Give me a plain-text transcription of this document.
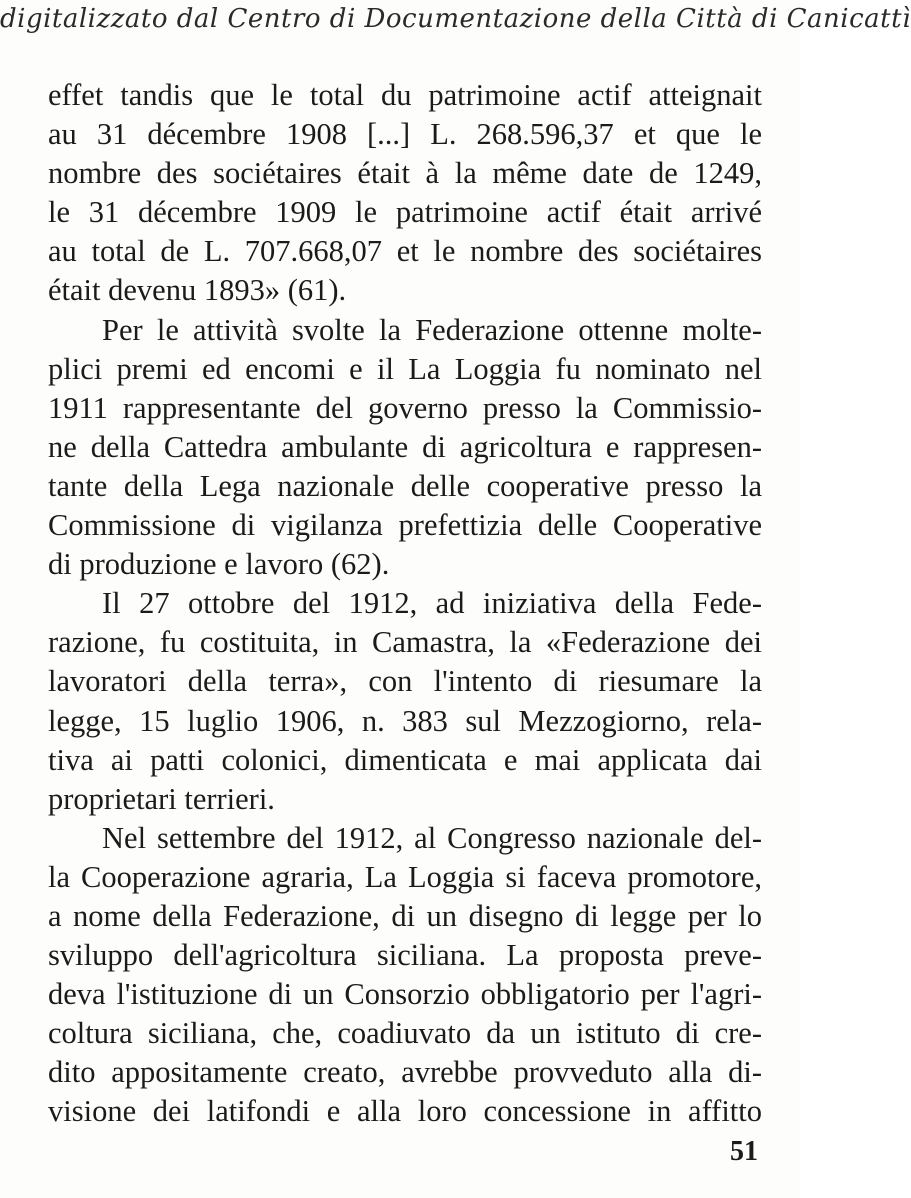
digitalizzato dal Centro di Documentazione della Città di Canicattì
effet tandis que le total du patrimoine actif atteignait
au 31 décembre 1908 [...] L. 268.596,37 et que le
nombre des sociétaires était à la même date de 1249,
le 31 décembre 1909 le patrimoine actif était arrivé
au total de L. 707.668,07 et le nombre des sociétaires
était devenu 1893» (61).
Per le attività svolte la Federazione ottenne molte-
plici premi ed encomi e il La Loggia fu nominato nel
1911 rappresentante del governo presso la Commissio-
ne della Cattedra ambulante di agricoltura e rappresen-
tante della Lega nazionale delle cooperative presso la
Commissione di vigilanza prefettizia delle Cooperative
di produzione e lavoro (62).
Il 27 ottobre del 1912, ad iniziativa della Fede-
razione, fu costituita, in Camastra, la «Federazione dei
lavoratori della terra», con l'intento di riesumare la
legge, 15 luglio 1906, n. 383 sul Mezzogiorno, rela-
tiva ai patti colonici, dimenticata e mai applicata dai
proprietari terrieri.
Nel settembre del 1912, al Congresso nazionale del-
la Cooperazione agraria, La Loggia si faceva promotore,
a nome della Federazione, di un disegno di legge per lo
sviluppo dell'agricoltura siciliana. La proposta preve-
deva l'istituzione di un Consorzio obbligatorio per l'agri-
coltura siciliana, che, coadiuvato da un istituto di cre-
dito appositamente creato, avrebbe provveduto alla di-
visione dei latifondi e alla loro concessione in affitto
51
